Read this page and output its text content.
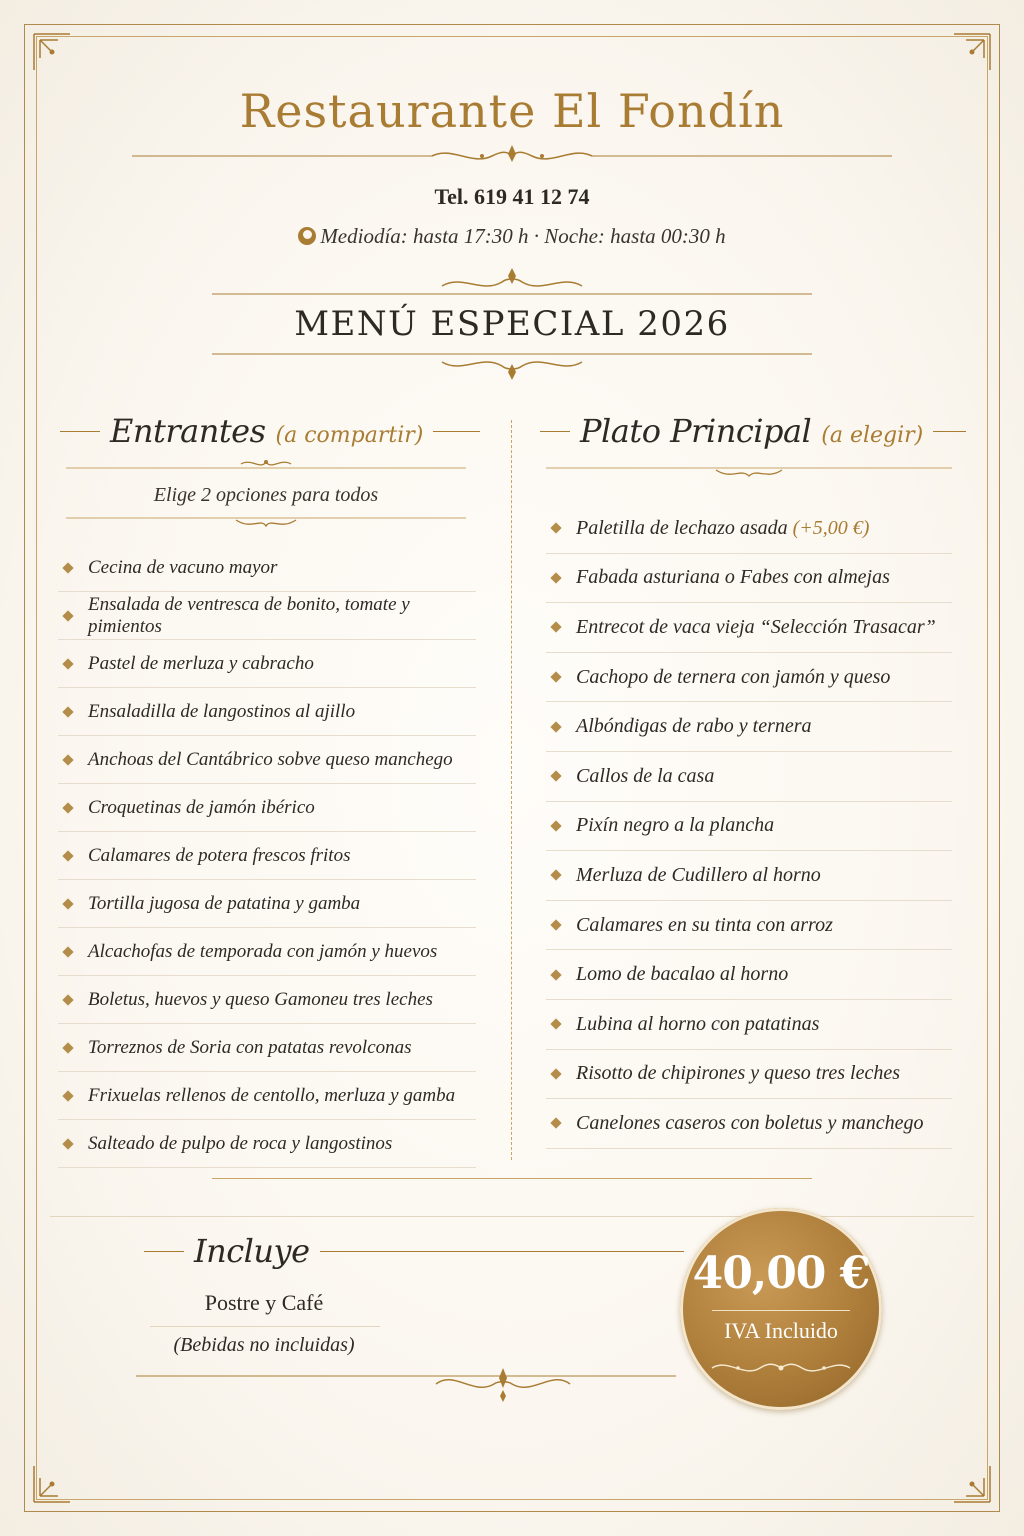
Restaurante El Fondín
Tel. 619 41 12 74
Mediodía: hasta 17:30 h · Noche: hasta 00:30 h
MENÚ ESPECIAL 2026
Entrantes (a compartir)
Elige 2 opciones para todos
Cecina de vacuno mayor
Ensalada de ventresca de bonito, tomate y pimientos
Pastel de merluza y cabracho
Ensaladilla de langostinos al ajillo
Anchoas del Cantábrico sobve queso manchego
Croquetinas de jamón ibérico
Calamares de potera frescos fritos
Tortilla jugosa de patatina y gamba
Alcachofas de temporada con jamón y huevos
Boletus, huevos y queso Gamoneu tres leches
Torreznos de Soria con patatas revolconas
Frixuelas rellenos de centollo, merluza y gamba
Salteado de pulpo de roca y langostinos
Plato Principal (a elegir)
Paletilla de lechazo asada (+5,00 €)
Fabada asturiana o Fabes con almejas
Entrecot de vaca vieja “Selección Trasacar”
Cachopo de ternera con jamón y queso
Albóndigas de rabo y ternera
Callos de la casa
Pixín negro a la plancha
Merluza de Cudillero al horno
Calamares en su tinta con arroz
Lomo de bacalao al horno
Lubina al horno con patatinas
Risotto de chipirones y queso tres leches
Canelones caseros con boletus y manchego
Incluye
Postre y Café
(Bebidas no incluidas)
40,00 €
IVA Incluido
